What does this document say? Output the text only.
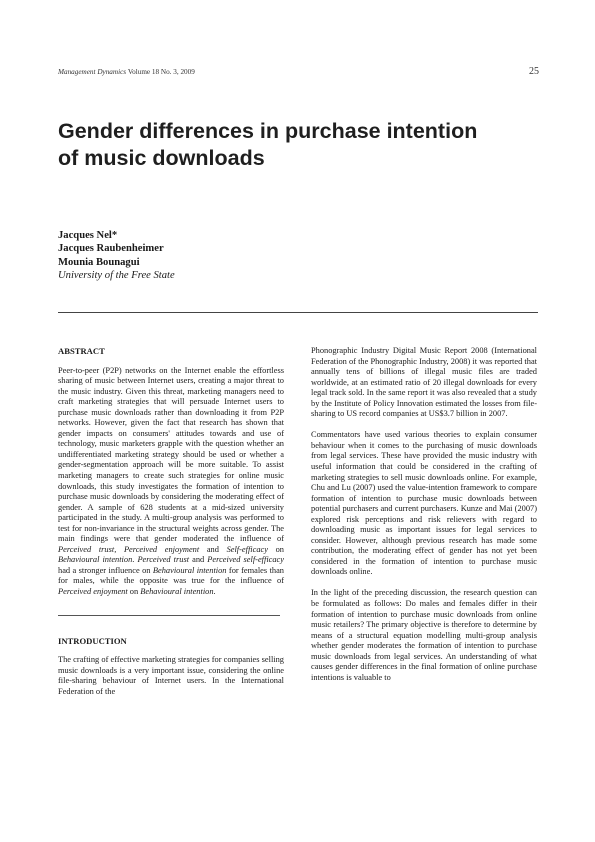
Management Dynamics Volume 18 No. 3, 2009	25
Gender differences in purchase intention
of music downloads
Jacques Nel*
Jacques Raubenheimer
Mounia Bounagui
University of the Free State
ABSTRACT

Peer-to-peer (P2P) networks on the Internet enable the effortless sharing of music between Internet users, creating a major threat to the music industry. Given this threat, marketing managers need to craft marketing strategies that will persuade Internet users to purchase music downloads rather than downloading it from P2P networks. However, given the fact that research has shown that gender impacts on consumers' attitudes towards and use of technology, music marketers grapple with the question whether an undifferentiated marketing strategy should be used or whether a gender-segmentation approach will be more suitable. To assist marketing managers to create such strategies for online music downloads, this study investigates the formation of intention to purchase music downloads by considering the moderating effect of gender. A sample of 628 students at a mid-sized university participated in the study. A multi-group analysis was performed to test for non-invariance in the structural weights across gender. The main findings were that gender moderated the influence of Perceived trust, Perceived enjoyment and Self-efficacy on Behavioural intention. Perceived trust and Perceived self-efficacy had a stronger influence on Behavioural intention for females than for males, while the opposite was true for the influence of Perceived enjoyment on Behavioural intention.

INTRODUCTION

The crafting of effective marketing strategies for companies selling music downloads is a very important issue, considering the online file-sharing behaviour of Internet users. In the International Federation of the

Phonographic Industry Digital Music Report 2008 (International Federation of the Phonographic Industry, 2008) it was reported that annually tens of billions of illegal music files are traded worldwide, at an estimated ratio of 20 illegal downloads for every legal track sold. In the same report it was also revealed that a study by the Institute of Policy Innovation estimated the losses from file-sharing to US record companies at US$3.7 billion in 2007.

Commentators have used various theories to explain consumer behaviour when it comes to the purchasing of music downloads from legal services. These have provided the music industry with useful information that could be considered in the crafting of marketing strategies to sell music downloads online. For example, Chu and Lu (2007) used the value-intention framework to compare formation of intention to purchase music downloads between potential purchasers and current purchasers. Kunze and Mai (2007) explored risk perceptions and risk relievers with regard to downloading music as important issues for legal services to consider. However, although previous research has made some contribution, the moderating effect of gender has not yet been considered in the formation of intention to purchase music downloads online.

In the light of the preceding discussion, the research question can be formulated as follows: Do males and females differ in their formation of intention to purchase music downloads from online music retailers? The primary objective is therefore to determine by means of a structural equation modelling multi-group analysis whether gender moderates the formation of intention to purchase music downloads from legal services. An understanding of what causes gender differences in the final formation of online purchase intentions is valuable to
